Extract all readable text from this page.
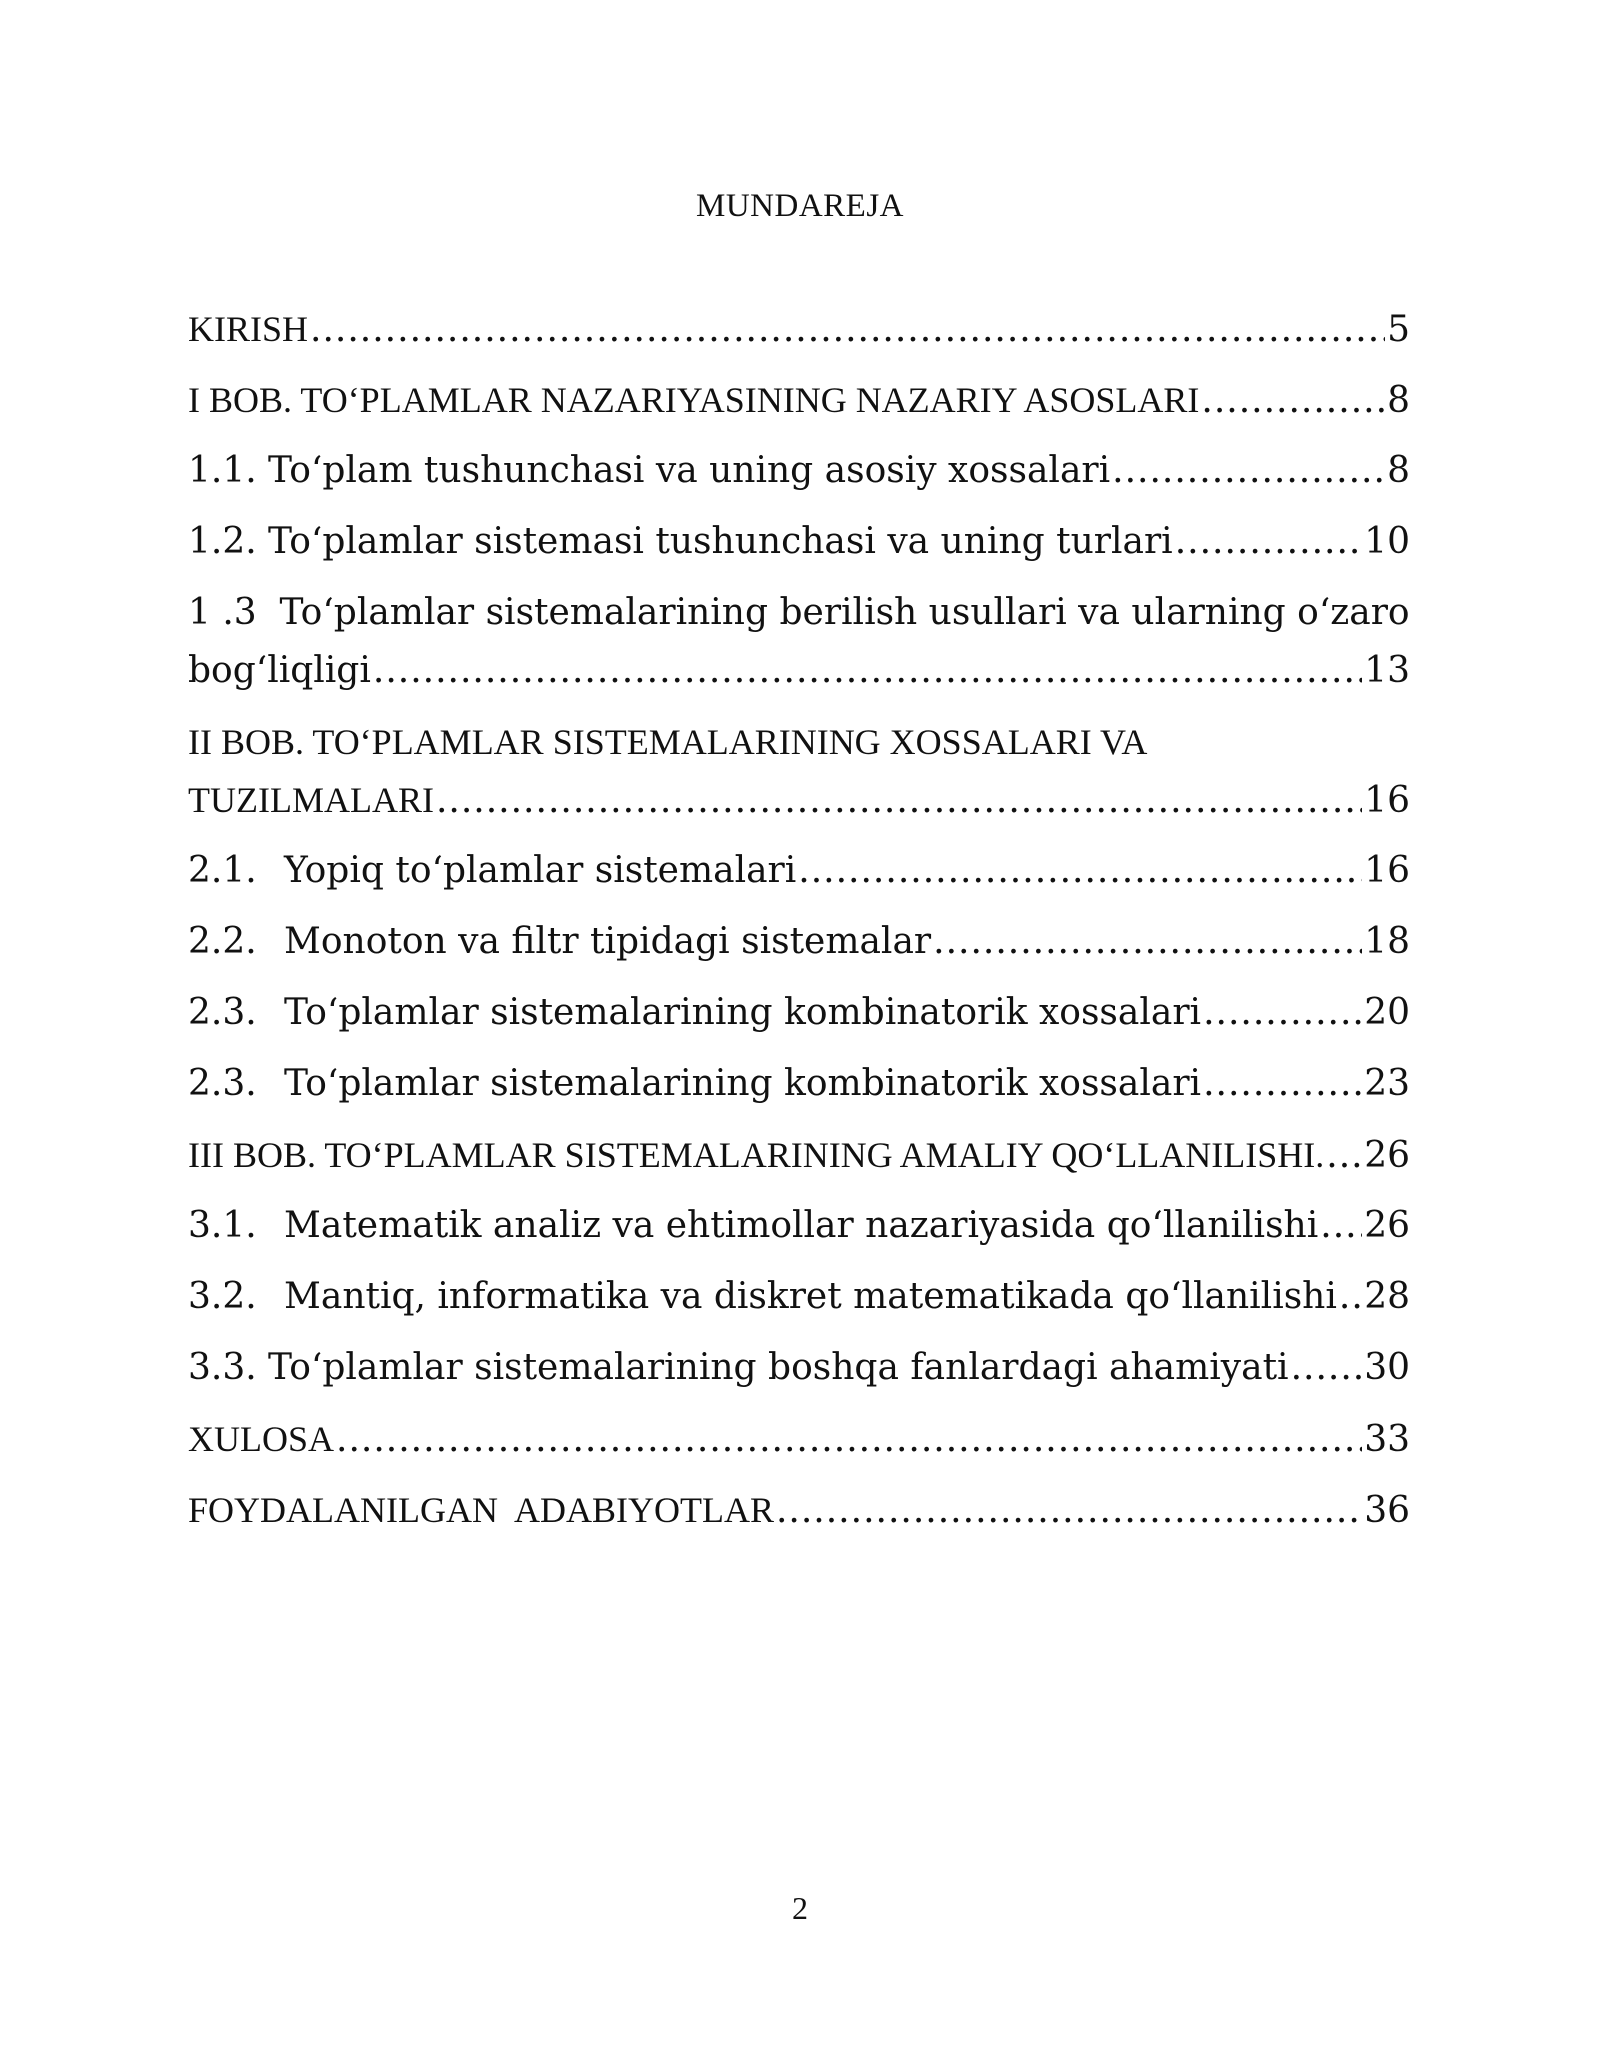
MUNDAREJA
KIRISH .....	5
I BOB. TO‘PLAMLAR NAZARIYASINING NAZARIY ASOSLARI .....	8
1.1. To‘plam tushunchasi va uning asosiy xossalari .....	8
1.2. To‘plamlar sistemasi tushunchasi va uning turlari .....	10
1 .3 To‘plamlar sistemalarining berilish usullari va ularning o‘zaro
bog‘liqligi .....	13
II BOB. TO‘PLAMLAR SISTEMALARINING XOSSALARI VA
TUZILMALARI .....	16
2.1. Yopiq to‘plamlar sistemalari .....	16
2.2. Monoton va filtr tipidagi sistemalar .....	18
2.3. To‘plamlar sistemalarining kombinatorik xossalari .....	20
2.3. To‘plamlar sistemalarining kombinatorik xossalari .....	23
III BOB. TO‘PLAMLAR SISTEMALARINING AMALIY QO‘LLANILISHI. ..... 26
3.1. Matematik analiz va ehtimollar nazariyasida qo‘llanilishi ..... 26
3.2. Mantiq, informatika va diskret matematikada qo‘llanilishi ..... 28
3.3. To‘plamlar sistemalarining boshqa fanlardagi ahamiyati ..... 30
XULOSA .....	33
FOYDALANILGAN  ADABIYOTLAR .....	36
2
